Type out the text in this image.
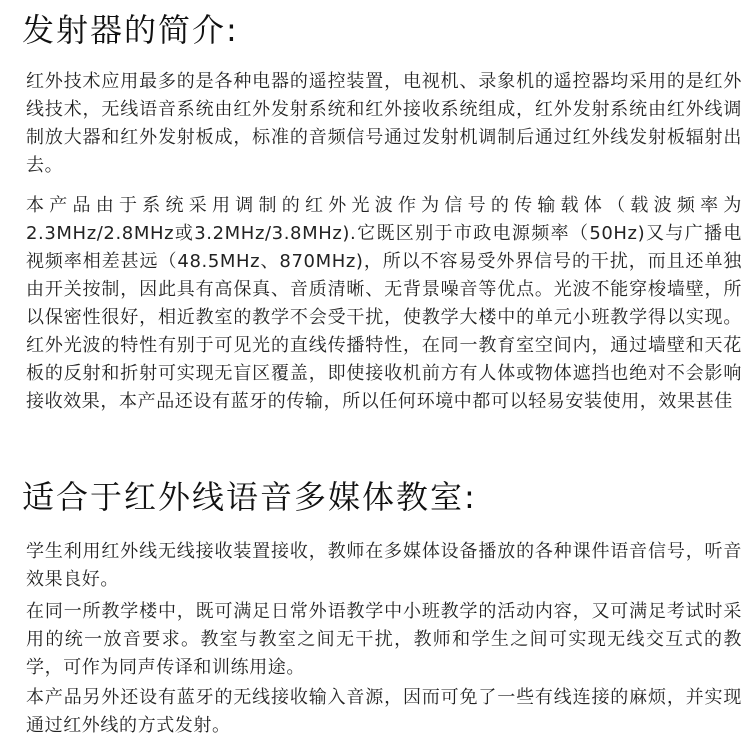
发射器的简介:

红外技术应用最多的是各种电器的遥控装置，电视机、录象机的遥控器均采用的是红外线技术，无线语音系统由红外发射系统和红外接收系统组成，红外发射系统由红外线调制放大器和红外发射板成，标准的音频信号通过发射机调制后通过红外线发射板辐射出去。

本产品由于系统采用调制的红外光波作为信号的传输载体（载波频率为2.3MHz/2.8MHz或3.2MHz/3.8MHz).它既区别于市政电源频率（50Hz)又与广播电视频率相差甚远（48.5MHz、870MHz)，所以不容易受外界信号的干扰，而且还单独由开关按制，因此具有高保真、音质清晰、无背景噪音等优点。光波不能穿梭墙壁，所以保密性很好，相近教室的教学不会受干扰，使教学大楼中的单元小班教学得以实现。红外光波的特性有别于可见光的直线传播特性，在同一教育室空间内，通过墙壁和天花板的反射和折射可实现无盲区覆盖，即使接收机前方有人体或物体遮挡也绝对不会影响接收效果，本产品还设有蓝牙的传输，所以任何环境中都可以轻易安装使用，效果甚佳

适合于红外线语音多媒体教室:

学生利用红外线无线接收装置接收，教师在多媒体设备播放的各种课件语音信号，听音效果良好。

在同一所教学楼中，既可满足日常外语教学中小班教学的活动内容，又可满足考试时采用的统一放音要求。教室与教室之间无干扰，教师和学生之间可实现无线交互式的教学，可作为同声传译和训练用途。

本产品另外还设有蓝牙的无线接收输入音源，因而可免了一些有线连接的麻烦，并实现通过红外线的方式发射。
